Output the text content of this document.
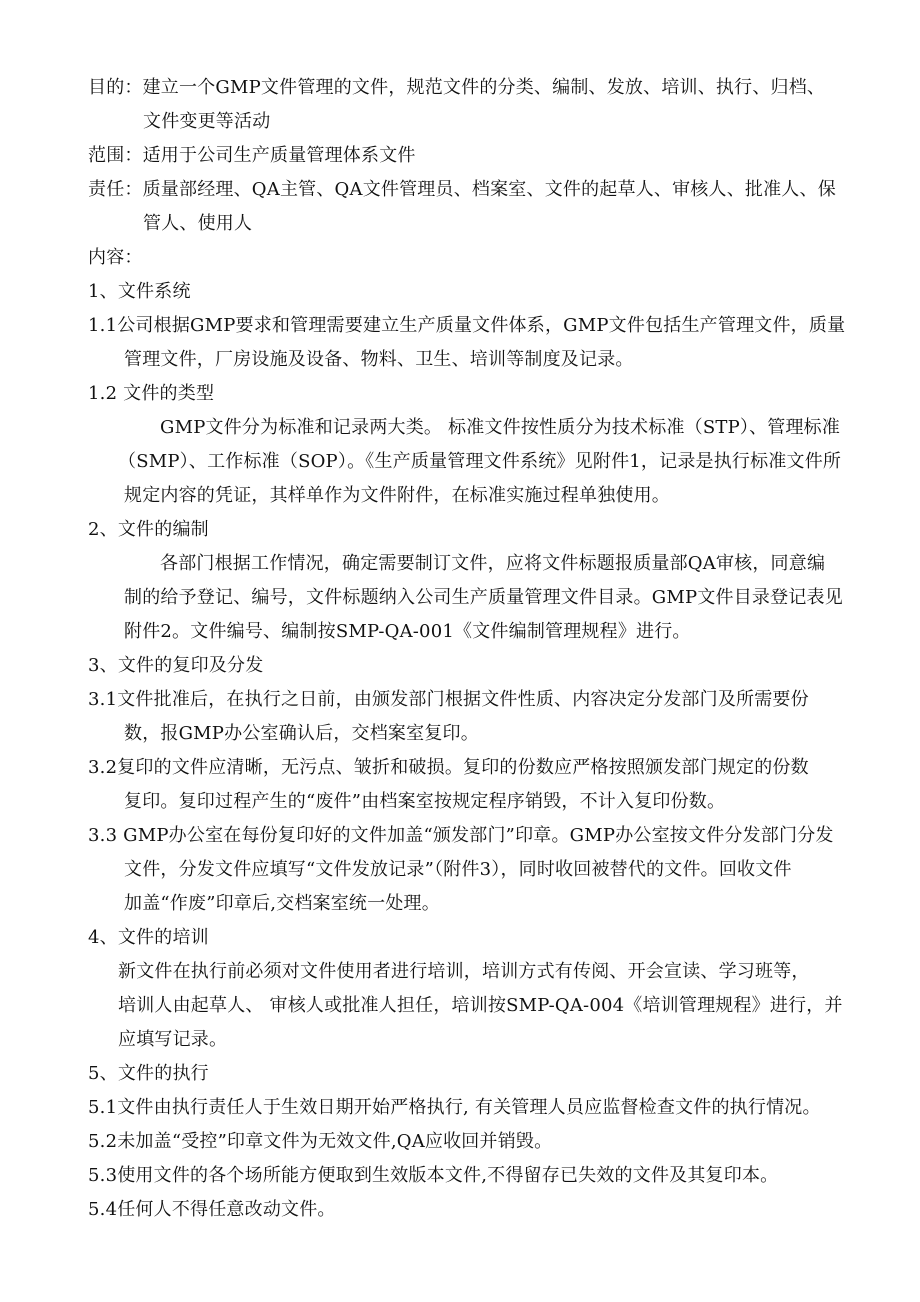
目的：建立一个GMP文件管理的文件，规范文件的分类、编制、发放、培训、执行、归档、
文件变更等活动
范围：适用于公司生产质量管理体系文件
责任：质量部经理、QA主管、QA文件管理员、档案室、文件的起草人、审核人、批准人、保
管人、使用人
内容：
1、文件系统
1.1公司根据GMP要求和管理需要建立生产质量文件体系，GMP文件包括生产管理文件，质量
管理文件，厂房设施及设备、物料、卫生、培训等制度及记录。
1.2 文件的类型
GMP文件分为标准和记录两大类。 标准文件按性质分为技术标准（STP）、管理标准
（SMP）、工作标准（SOP）。《生产质量管理文件系统》见附件1，记录是执行标准文件所
规定内容的凭证，其样单作为文件附件，在标准实施过程单独使用。
2、文件的编制
各部门根据工作情况，确定需要制订文件，应将文件标题报质量部QA审核，同意编
制的给予登记、编号，文件标题纳入公司生产质量管理文件目录。GMP文件目录登记表见
附件2。文件编号、编制按SMP-QA-001《文件编制管理规程》进行。
3、文件的复印及分发
3.1文件批准后，在执行之日前，由颁发部门根据文件性质、内容决定分发部门及所需要份
数，报GMP办公室确认后，交档案室复印。
3.2复印的文件应清晰，无污点、皱折和破损。复印的份数应严格按照颁发部门规定的份数
复印。复印过程产生的“废件”由档案室按规定程序销毁，不计入复印份数。
3.3 GMP办公室在每份复印好的文件加盖“颁发部门”印章。GMP办公室按文件分发部门分发
文件，分发文件应填写“文件发放记录”（附件3），同时收回被替代的文件。回收文件
加盖“作废”印章后,交档案室统一处理。
4、文件的培训
新文件在执行前必须对文件使用者进行培训，培训方式有传阅、开会宣读、学习班等，
培训人由起草人、 审核人或批准人担任，培训按SMP-QA-004《培训管理规程》进行，并
应填写记录。
5、文件的执行
5.1文件由执行责任人于生效日期开始严格执行, 有关管理人员应监督检查文件的执行情况。
5.2未加盖“受控”印章文件为无效文件,QA应收回并销毁。
5.3使用文件的各个场所能方便取到生效版本文件,不得留存已失效的文件及其复印本。
5.4任何人不得任意改动文件。
